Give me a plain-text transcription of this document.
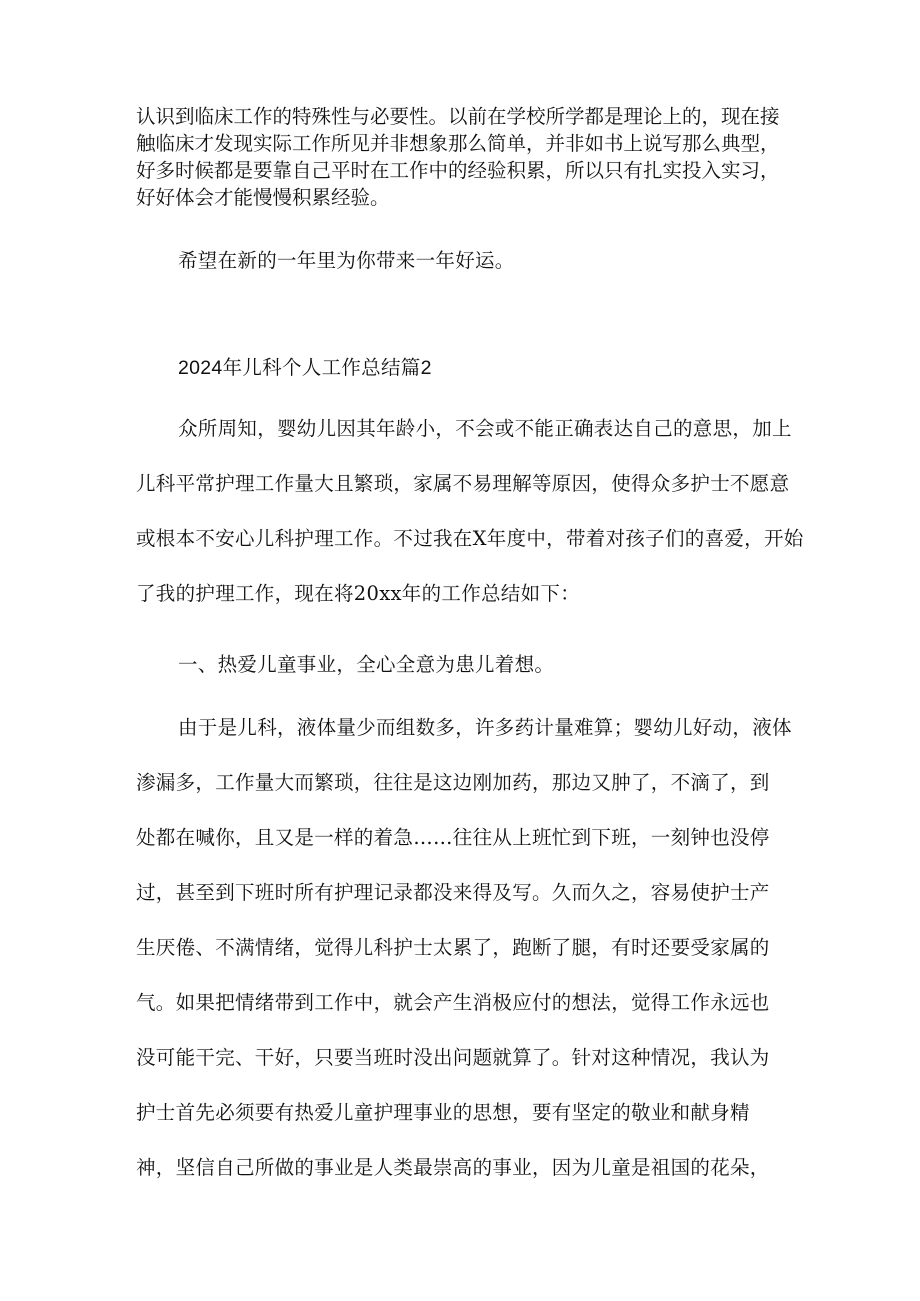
认识到临床工作的特殊性与必要性。以前在学校所学都是理论上的，现在接
触临床才发现实际工作所见并非想象那么简单，并非如书上说写那么典型，
好多时候都是要靠自己平时在工作中的经验积累，所以只有扎实投入实习，
好好体会才能慢慢积累经验。
希望在新的一年里为你带来一年好运。
2024年儿科个人工作总结篇2
众所周知，婴幼儿因其年龄小，不会或不能正确表达自己的意思，加上
儿科平常护理工作量大且繁琐，家属不易理解等原因，使得众多护士不愿意
或根本不安心儿科护理工作。不过我在X年度中，带着对孩子们的喜爱，开始
了我的护理工作，现在将20xx年的工作总结如下：
一、热爱儿童事业，全心全意为患儿着想。
由于是儿科，液体量少而组数多，许多药计量难算；婴幼儿好动，液体
渗漏多，工作量大而繁琐，往往是这边刚加药，那边又肿了，不滴了，到
处都在喊你，且又是一样的着急……往往从上班忙到下班，一刻钟也没停
过，甚至到下班时所有护理记录都没来得及写。久而久之，容易使护士产
生厌倦、不满情绪，觉得儿科护士太累了，跑断了腿，有时还要受家属的
气。如果把情绪带到工作中，就会产生消极应付的想法，觉得工作永远也
没可能干完、干好，只要当班时没出问题就算了。针对这种情况，我认为
护士首先必须要有热爱儿童护理事业的思想，要有坚定的敬业和献身精
神，坚信自己所做的事业是人类最崇高的事业，因为儿童是祖国的花朵，
